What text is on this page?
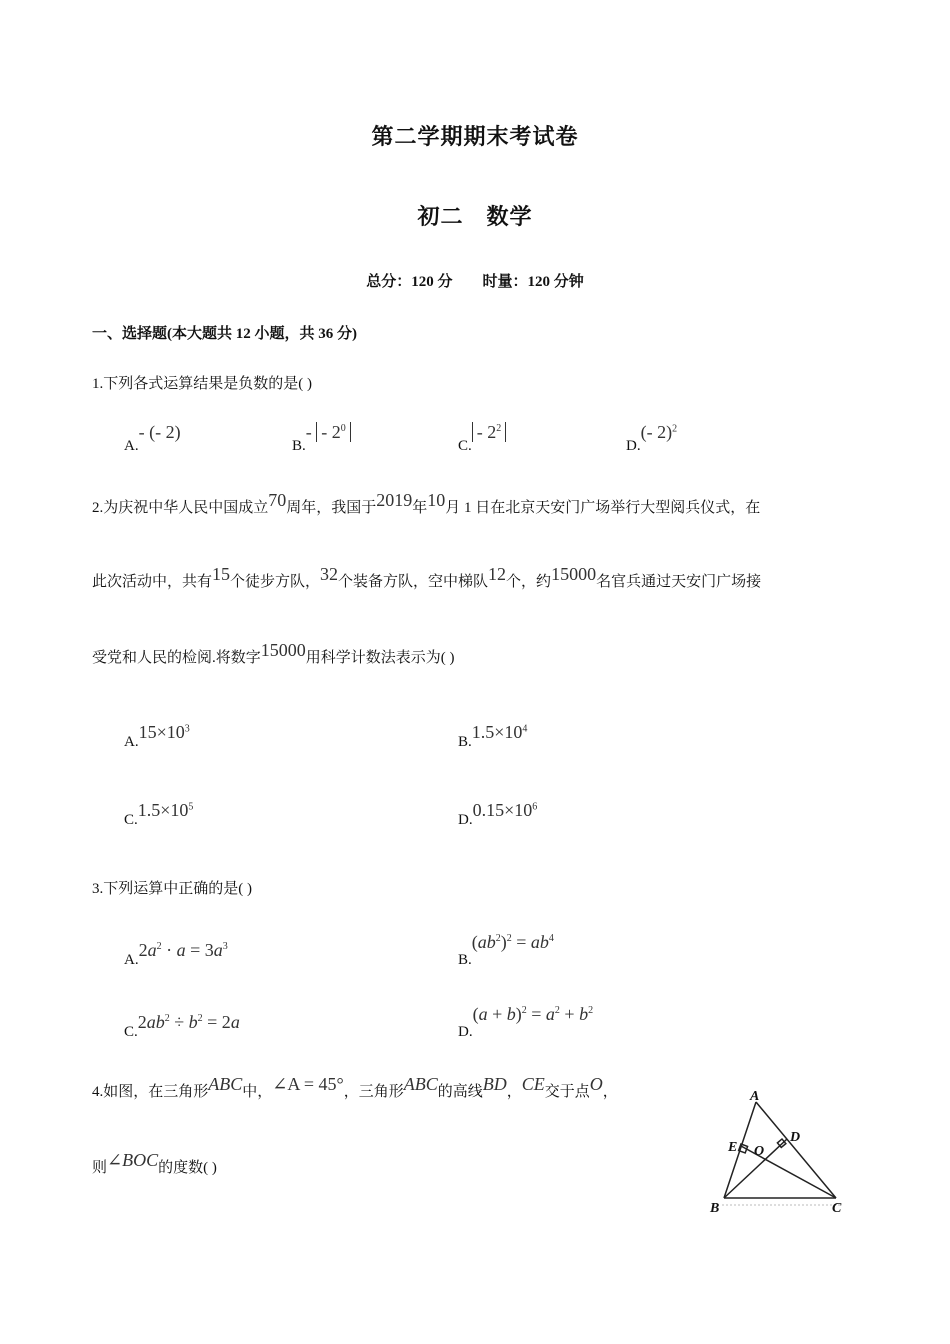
第二学期期末考试卷
初二　数学
总分：120 分　　时量：120 分钟
一、选择题(本大题共 12 小题，共 36 分)
1.下列各式运算结果是负数的是( )
A.- (- 2)
$B.- - 2^0$
C.- $2^2$
D.(- 2)$^2$
2.为庆祝中华人民中国成立70周年，我国于2019年10月 1 日在北京天安门广场举行大型阅兵仪式，在
此次活动中，共有15个徒步方队，32个装备方队，空中梯队12个，约15000名官兵通过天安门广场接
受党和人民的检阅.将数字15000用科学计数法表示为( )
$A.15\times 10^3$
$B.1.5\times 10^4$
$C.1.5\times 10^5$
$D.0.15\times 10^6$
3.下列运算中正确的是( )
$A.2a^2 \cdot a = 3a^3$
$B.(ab^2)^2 = ab^4$
$C.2ab^2 \div b^2 = 2a$	$D.(a + b)^2 = a^2 + b^2$
4.如图，在三角形ABC中，∠A = 45°，三角形ABC的高线BD，CE交于点O，
则∠BOC的度数( )
A
B	C
D
E O
